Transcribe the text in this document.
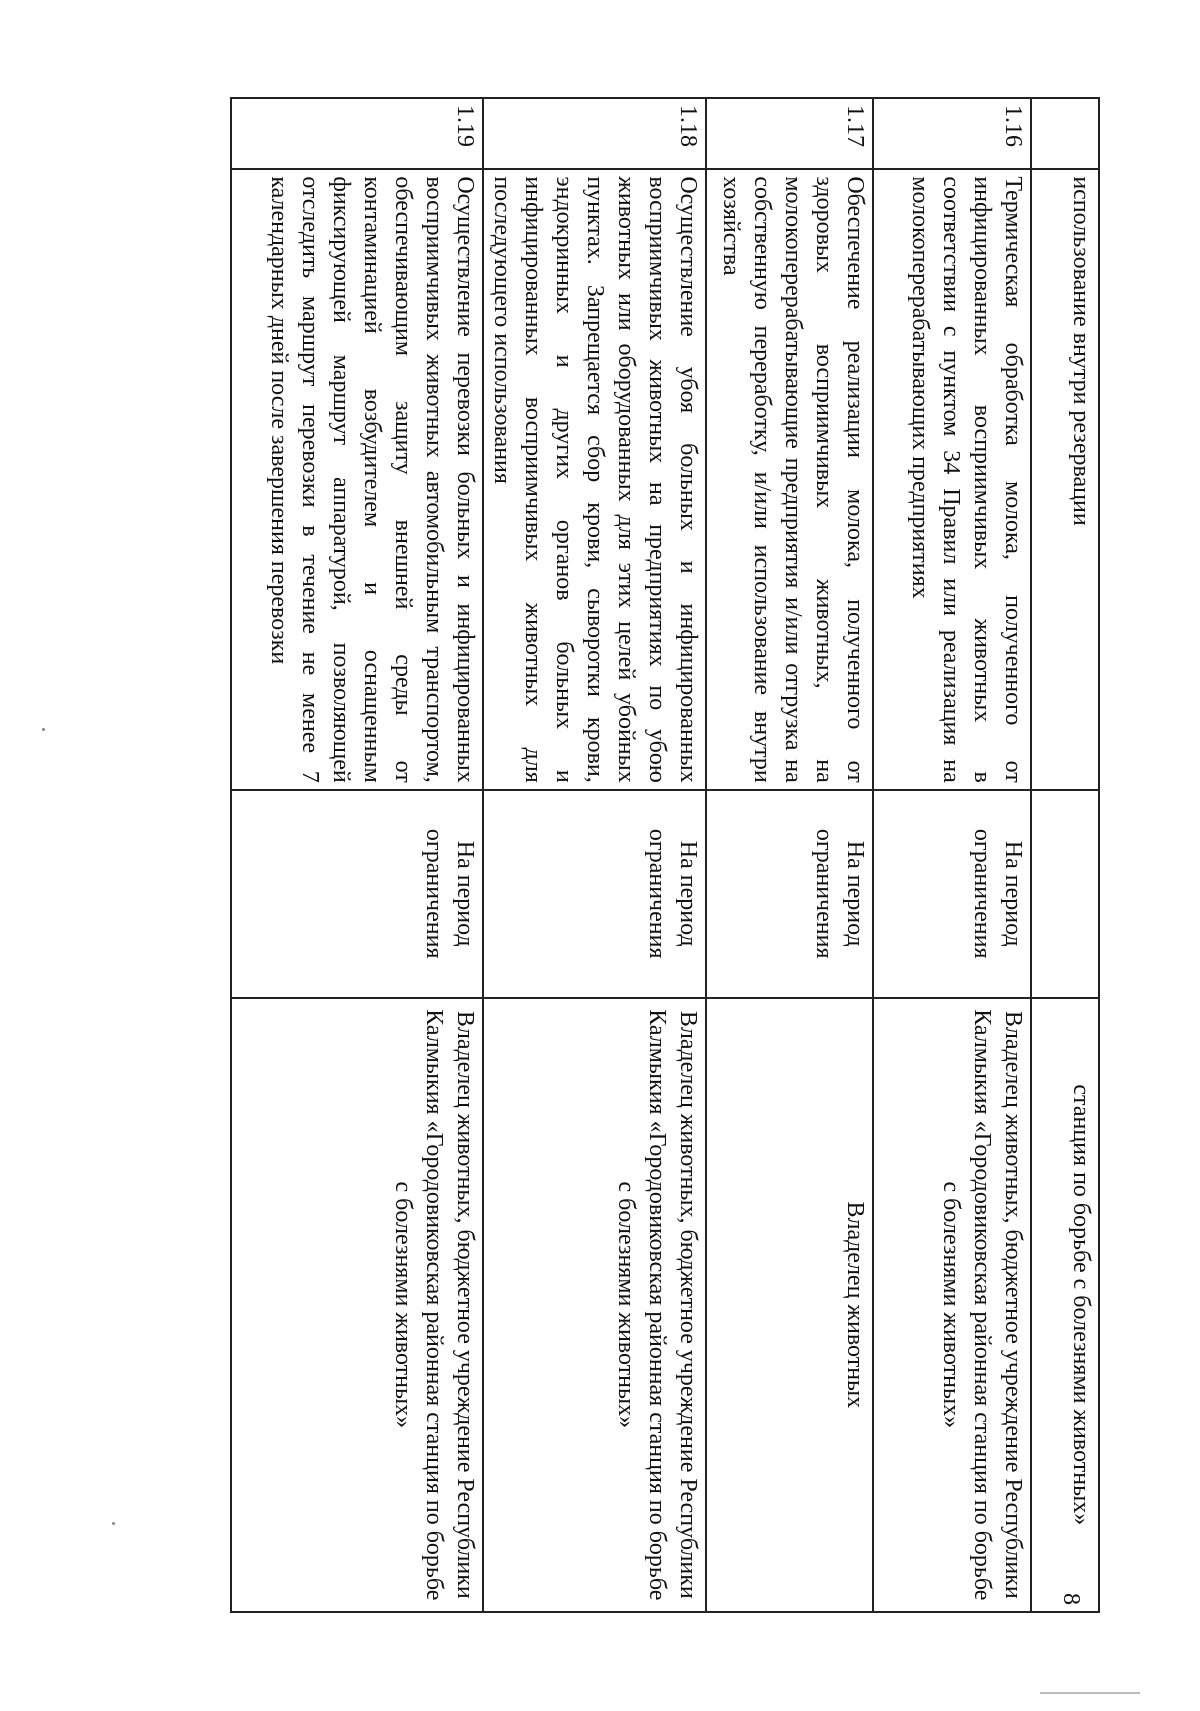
8
	использование внутри резервации		станция по борьбе с болезнями животных»
1.16	Термическая обработка молока, полученного от инфицированных восприимчивых животных в соответствии с пунктом 34 Правил или реализация на молокоперерабатывающих предприятиях	На период ограничения	Владелец животных, бюджетное учреждение Республики Калмыкия «Городовиковская районная станция по борьбе с болезнями животных»
1.17	Обеспечение реализации молока, полученного от здоровых восприимчивых животных, на молокоперерабатывающие предприятия и/или отгрузка на собственную переработку, и/или использование внутри хозяйства	На период ограничения	Владелец животных
1.18	Осуществление убоя больных и инфицированных восприимчивых животных на предприятиях по убою животных или оборудованных для этих целей убойных пунктах. Запрещается сбор крови, сыворотки крови, эндокринных и других органов больных и инфицированных восприимчивых животных для последующего использования	На период ограничения	Владелец животных, бюджетное учреждение Республики Калмыкия «Городовиковская районная станция по борьбе с болезнями животных»
1.19	Осуществление перевозки больных и инфицированных восприимчивых животных автомобильным транспортом, обеспечивающим защиту внешней среды от контаминацией возбудителем и оснащенным фиксирующей маршрут аппаратурой, позволяющей отследить маршрут перевозки в течение не менее 7 календарных дней после завершения перевозки	На период ограничения	Владелец животных, бюджетное учреждение Республики Калмыкия «Городовиковская районная станция по борьбе с болезнями животных»
